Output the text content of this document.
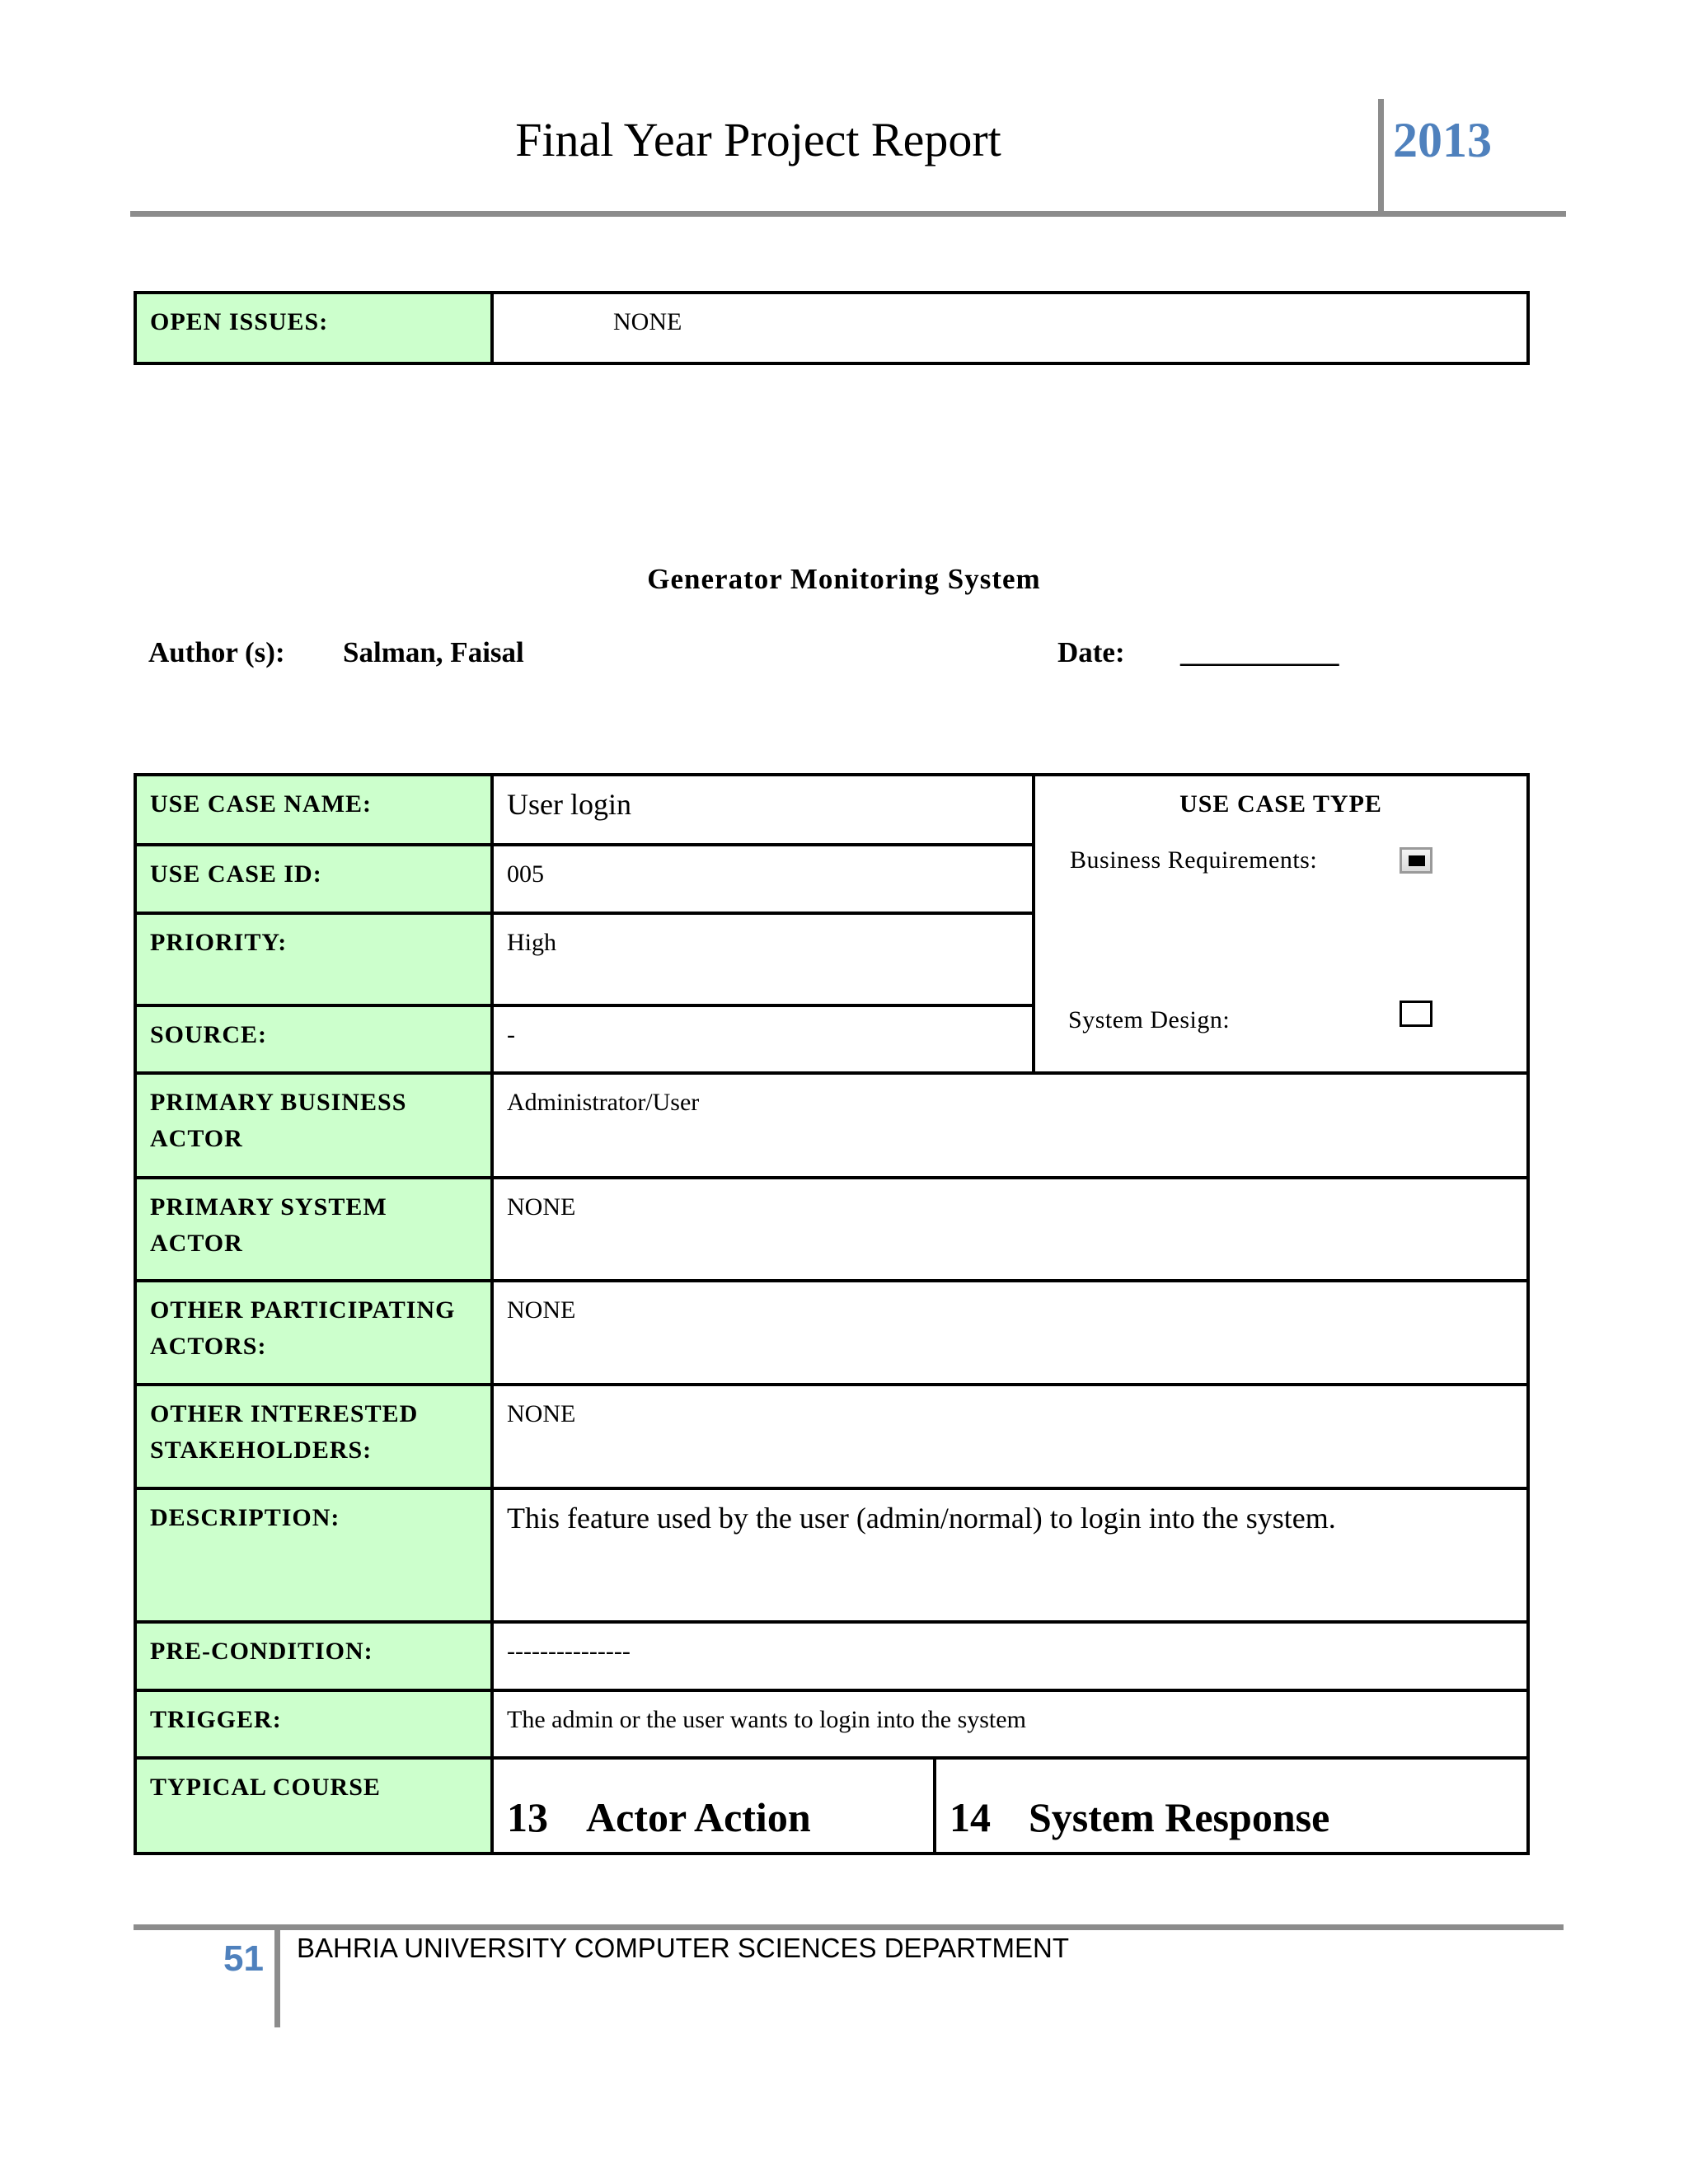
Final Year Project Report	2013
OPEN ISSUES:	NONE
Generator Monitoring System
Author (s): Salman, Faisal	Date: ___________
USE CASE NAME:	User login		USE CASE TYPE
Business Requirements:
System Design:

USE CASE ID:	005		
PRIORITY:	High		
SOURCE:	-		
PRIMARY BUSINESS ACTOR	Administrator/User		
PRIMARY SYSTEM ACTOR	NONE		
OTHER PARTICIPATING ACTORS:	NONE		
OTHER INTERESTED STAKEHOLDERS:	NONE		
DESCRIPTION:	This feature used by the user (admin/normal) to login into the system.		
PRE-CONDITION:	---------------		
TRIGGER:	The admin or the user wants to login into the system		
TYPICAL COURSE	13 Actor Action	14 System Response	
51 BAHRIA UNIVERSITY COMPUTER SCIENCES DEPARTMENT
